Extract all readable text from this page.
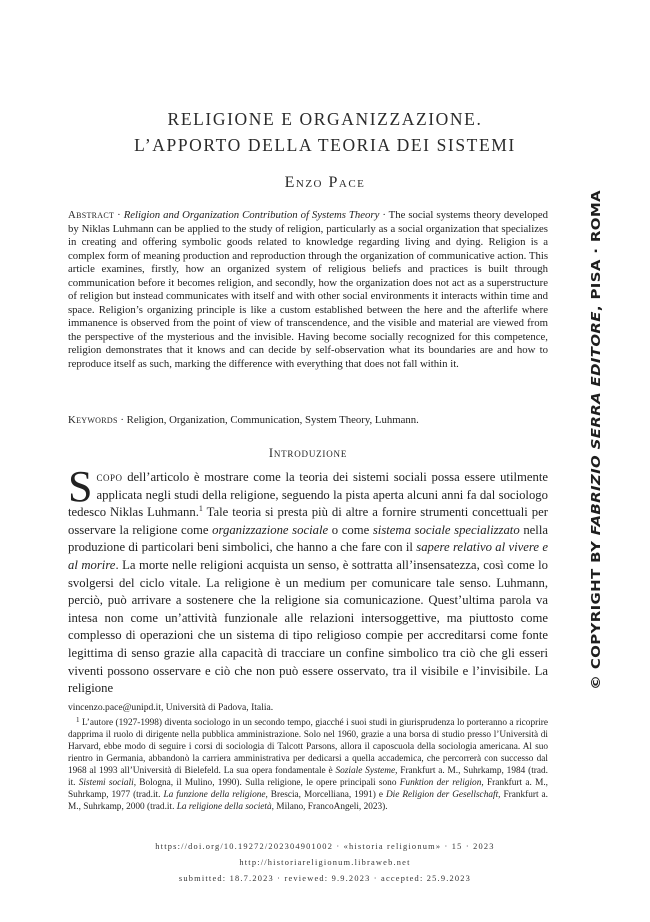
RELIGIONE E ORGANIZZAZIONE.
L’APPORTO DELLA TEORIA DEI SISTEMI
Enzo Pace
Abstract · Religion and Organization Contribution of Systems Theory · The social systems theory developed by Niklas Luhmann can be applied to the study of religion, particularly as a social organization that specializes in creating and offering symbolic goods related to knowledge regarding living and dying. Religion is a complex form of meaning production and reproduction through the organization of communicative action. This article examines, firstly, how an organized system of religious beliefs and practices is built through communication before it becomes religion, and secondly, how the organization does not act as a superstructure of religion but instead communicates with itself and with other social environments it interacts within time and space. Religion’s organizing principle is like a custom established between the here and the afterlife where immanence is observed from the point of view of transcendence, and the visible and material are viewed from the perspective of the mysterious and the invisible. Having become socially recognized for this competence, religion demonstrates that it knows and can decide by self-observation what its boundaries are and how to reproduce itself as such, marking the difference with everything that does not fall within it.
Keywords · Religion, Organization, Communication, System Theory, Luhmann.
Introduzione
Scopo dell’articolo è mostrare come la teoria dei sistemi sociali possa essere utilmente applicata negli studi della religione, seguendo la pista aperta alcuni anni fa dal sociologo tedesco Niklas Luhmann.$^1$ Tale teoria si presta più di altre a fornire strumenti concettuali per osservare la religione come organizzazione sociale o come sistema sociale specializzato nella produzione di particolari beni simbolici, che hanno a che fare con il sapere relativo al vivere e al morire. La morte nelle religioni acquista un senso, è sottratta all’insensatezza, così come lo svolgersi del ciclo vitale. La religione è un medium per comunicare tale senso. Luhmann, perciò, può arrivare a sostenere che la religione sia comunicazione. Quest’ultima parola va intesa non come un’attività funzionale alle relazioni intersoggettive, ma piuttosto come complesso di operazioni che un sistema di tipo religioso compie per accreditarsi come fonte legittima di senso grazie alla capacità di tracciare un confine simbolico tra ciò che gli esseri viventi possono osservare e ciò che non può essere osservato, tra il visibile e l’invisibile. La religione
vincenzo.pace@unipd.it, Università di Padova, Italia.
$^1$ L’autore (1927-1998) diventa sociologo in un secondo tempo, giacché i suoi studi in giurisprudenza lo porteranno a ricoprire dapprima il ruolo di dirigente nella pubblica amministrazione. Solo nel 1960, grazie a una borsa di studio presso l’Università di Harvard, ebbe modo di seguire i corsi di sociologia di Talcott Parsons, allora il caposcuola della sociologia americana. Al suo rientro in Germania, abbandonò la carriera amministrativa per dedicarsi a quella accademica, che percorrerà con successo dal 1968 al 1993 all’Università di Bielefeld. La sua opera fondamentale è Soziale Systeme, Frankfurt a. M., Suhrkamp, 1984 (trad. it. Sistemi sociali, Bologna, il Mulino, 1990). Sulla religione, le opere principali sono Funktion der religion, Frankfurt a. M., Suhrkamp, 1977 (trad.it. La funzione della religione, Brescia, Morcelliana, 1991) e Die Religion der Gesellschaft, Frankfurt a. M., Suhrkamp, 2000 (trad.it. La religione della società, Milano, FrancoAngeli, 2023).
https://doi.org/10.19272/202304901002 · «historia religionum» · 15 · 2023
http://historiareligionum.libraweb.net
submitted: 18.7.2023 · reviewed: 9.9.2023 · accepted: 25.9.2023
© COPYRIGHT BY FABRIZIO SERRA EDITORE, PISA · ROMA
